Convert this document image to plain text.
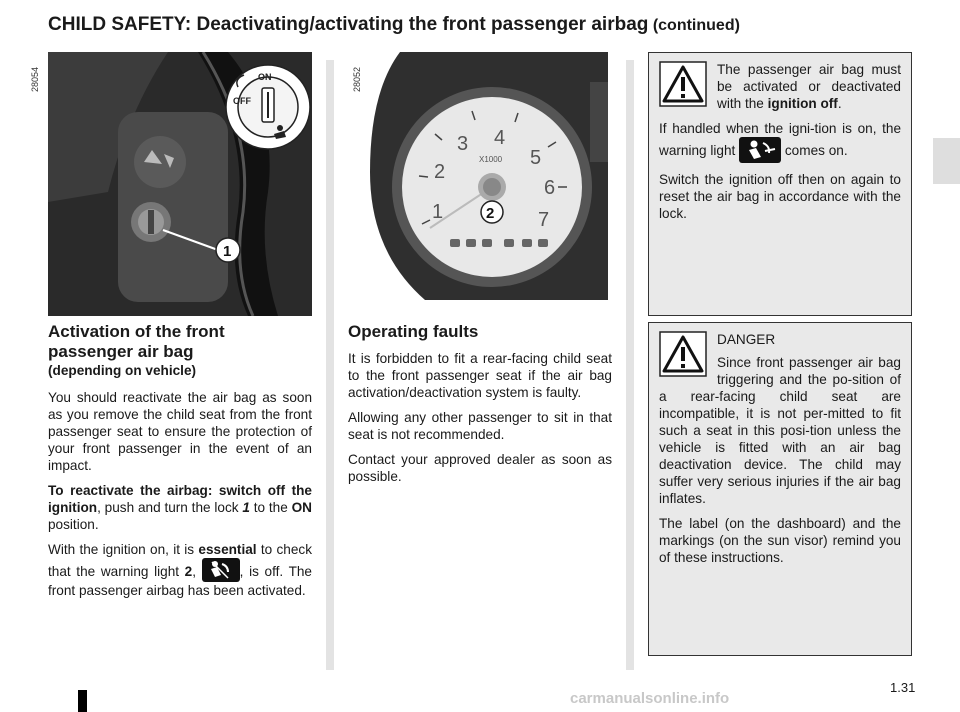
CHILD SAFETY: Deactivating/activating the front passenger airbag (continued)
ON
OFF
1
28054
1
2
3 4
5
6
7
X1000
2
28052
Activation of the front passenger air bag
(depending on vehicle)

You should reactivate the air bag as soon as you remove the child seat from the front passenger seat to ensure the protection of your front passenger in the event of an impact.

To reactivate the airbag: switch off the ignition, push and turn the lock 1 to the ON position.

With the ignition on, it is essential to check that the warning light 2,	, is off. The front passenger airbag has been activated.

Operating faults

It is forbidden to fit a rear-facing child seat to the front passenger seat if the air bag activation/deactivation system is faulty.

Allowing any other passenger to sit in that seat is not recommended.

Contact your approved dealer as soon as possible.

The passenger air bag must be activated or deactivated with the ignition off.

If handled when the igni-tion is on, the warning light	comes on.

Switch the ignition off then on again to reset the air bag in accordance with the lock.

DANGER

Since front passenger air bag triggering and the po-sition of a rear-facing child seat are incompatible, it is not per-mitted to fit such a seat in this posi-tion unless the vehicle is fitted with an air bag deactivation device. The child may suffer very serious injuries if the air bag inflates.

The label (on the dashboard) and the markings (on the sun visor) remind you of these instructions.

1.31
carmanualsonline.info
